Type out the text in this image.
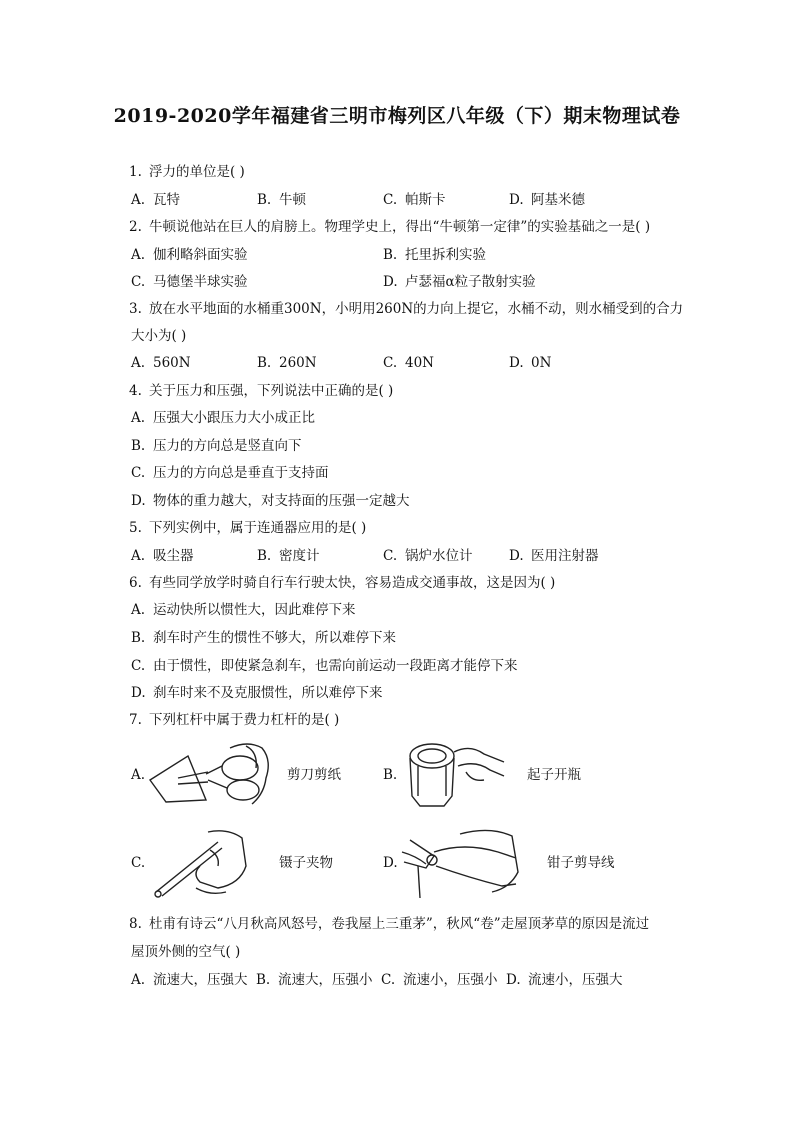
2019-2020学年福建省三明市梅列区八年级（下）期末物理试卷
1. 浮力的单位是( )
A. 瓦特	B. 牛顿	C. 帕斯卡	D. 阿基米德
2. 牛顿说他站在巨人的肩膀上。物理学史上，得出“牛顿第一定律”的实验基础之一是( )
A. 伽利略斜面实验	B. 托里拆利实验
C. 马德堡半球实验	D. 卢瑟福α粒子散射实验
3. 放在水平地面的水桶重300N，小明用260N的力向上提它，水桶不动，则水桶受到的合力
大小为( )
A. 560N	B. 260N	C. 40N	D. 0N
4. 关于压力和压强，下列说法中正确的是( )
A. 压强大小跟压力大小成正比
B. 压力的方向总是竖直向下
C. 压力的方向总是垂直于支持面
D. 物体的重力越大，对支持面的压强一定越大
5. 下列实例中，属于连通器应用的是( )
A. 吸尘器	B. 密度计	C. 锅炉水位计	D. 医用注射器
6. 有些同学放学时骑自行车行驶太快，容易造成交通事故，这是因为( )
A. 运动快所以惯性大，因此难停下来
B. 刹车时产生的惯性不够大，所以难停下来
C. 由于惯性，即使紧急刹车，也需向前运动一段距离才能停下来
D. 刹车时来不及克服惯性，所以难停下来
7. 下列杠杆中属于费力杠杆的是( )
A.	剪刀剪纸	B.	起子开瓶
C.	镊子夹物	D.	钳子剪导线
8. 杜甫有诗云“八月秋高风怒号，卷我屋上三重茅”，秋风“卷”走屋顶茅草的原因是流过
屋顶外侧的空气( )
A. 流速大，压强大 B. 流速大，压强小 C. 流速小，压强小 D. 流速小，压强大
